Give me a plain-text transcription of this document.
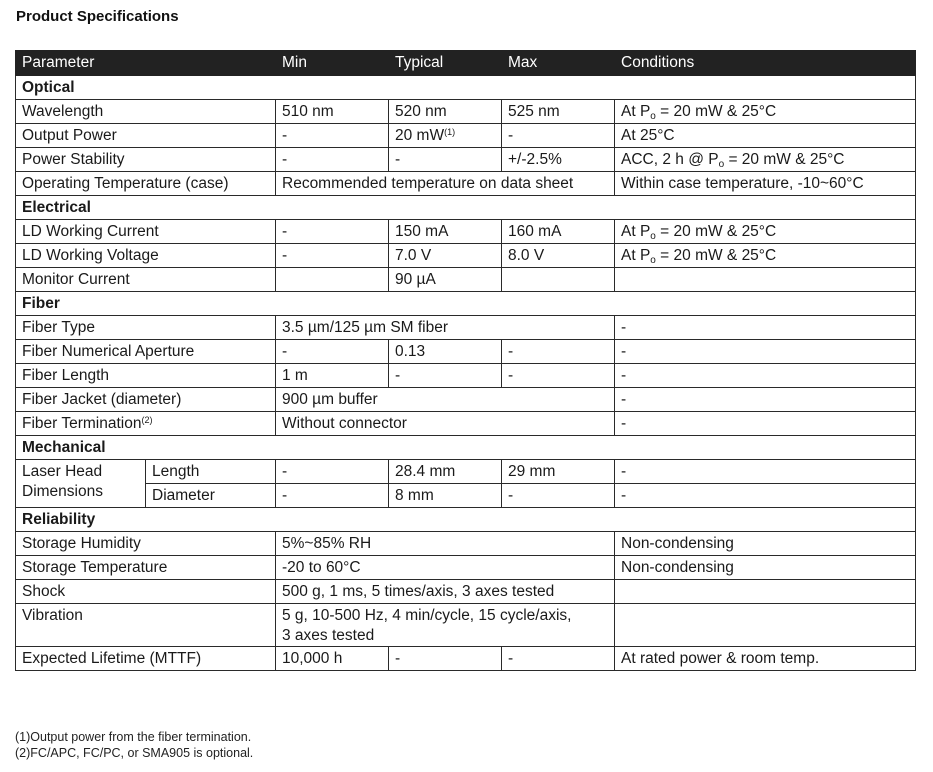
Product Specifications
Parameter		Min	Typical	Max	Conditions
Optical					
Wavelength		510 nm	520 nm	525 nm	At $P_o = 20$ mW & 25°C
Output Power		-	20 $mW^{(1)}$	-	At 25°C
Power Stability		-	-	+/-2.5%	ACC, 2 h @ $P_o = 20$ mW & 25°C
Operating Temperature (case)		Recommended temperature on data sheet			Within case temperature, -10~60°C
Electrical					
LD Working Current		-	150 mA	160 mA	At $P_o = 20$ mW & 25°C
LD Working Voltage		-	7.0 V	8.0 V	At $P_o = 20$ mW & 25°C
Monitor Current			90 µA		
Fiber					
Fiber Type		3.5 µm/125 µm SM fiber			-
Fiber Numerical Aperture		-	0.13	-	-
Fiber Length		1 m	-	-	-
Fiber Jacket (diameter)		900 µm buffer			-
Fiber Termination$^{(2)}$		Without connector			-
Mechanical					
Laser Head Dimensions	Length	-	28.4 mm	29 mm	-
	Diameter	-	8 mm	-	-
Reliability					
Storage Humidity		5%~85% RH			Non-condensing
Storage Temperature		-20 to 60°C			Non-condensing
Shock		500 g, 1 ms, 5 times/axis, 3 axes tested			
Vibration		5 g, 10-500 Hz, 4 min/cycle, 15 cycle/axis,
3 axes tested			

Expected Lifetime (MTTF)		10,000 h	-	-	At rated power & room temp.
(1)Output power from the fiber termination.
(2)FC/APC, FC/PC, or SMA905 is optional.
